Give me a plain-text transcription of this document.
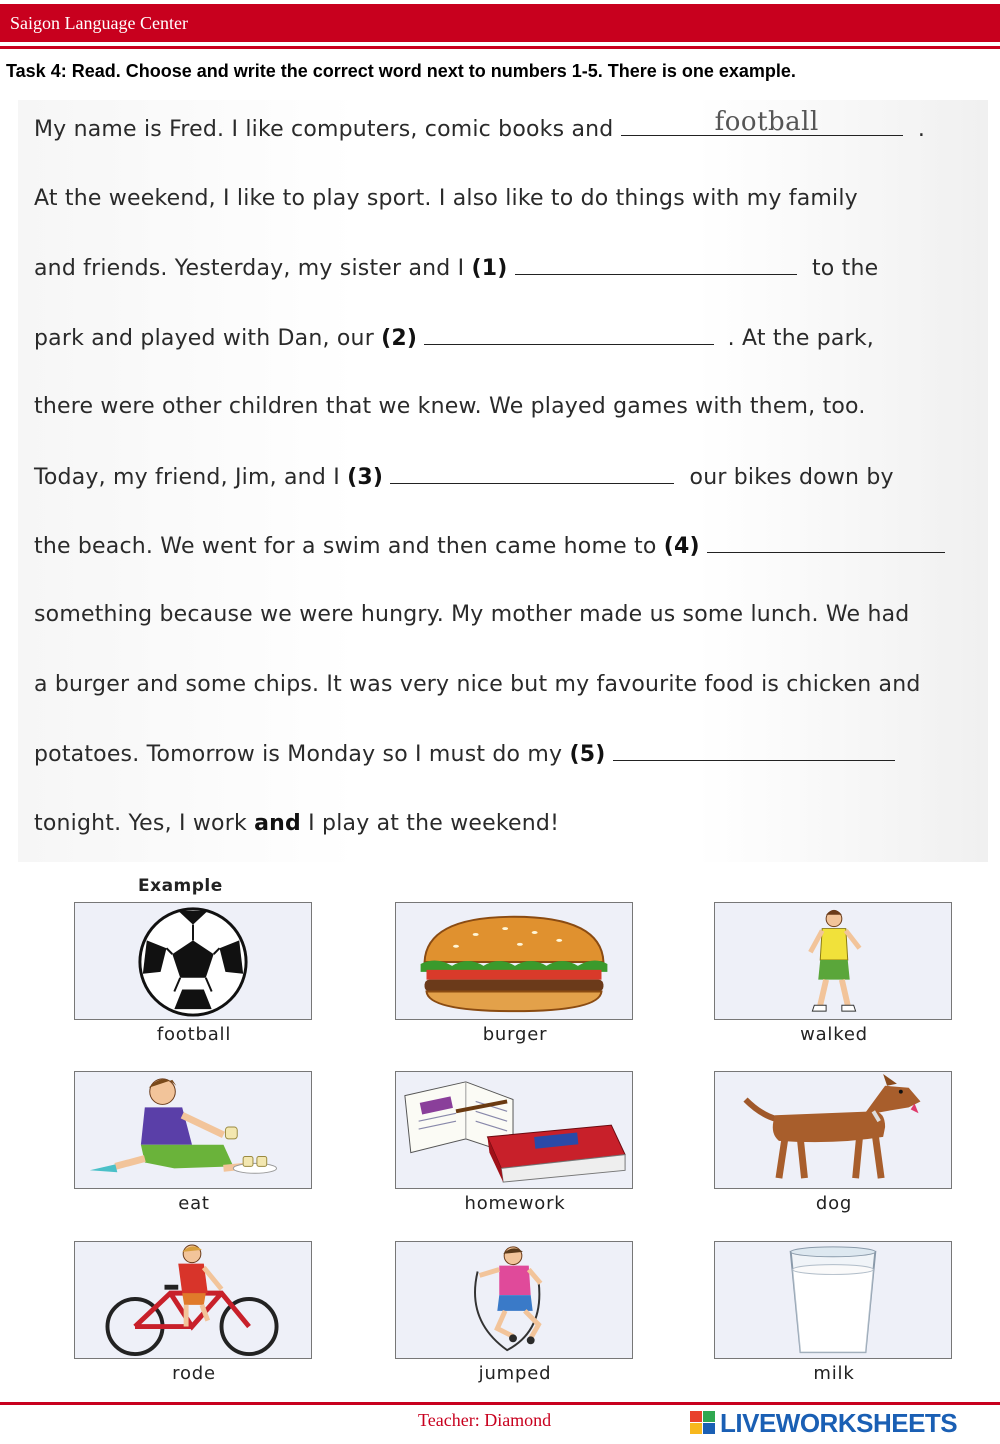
Saigon Language Center
Task 4: Read. Choose and write the correct word next to numbers 1-5. There is one example.
My name is Fred. I like computers, comic books and	football	.
At the weekend, I like to play sport. I also like to do things with my family
and friends. Yesterday, my sister and I (1)	to the
park and played with Dan, our (2)	. At the park,
there were other children that we knew. We played games with them, too.
Today, my friend, Jim, and I (3)	our bikes down by
the beach. We went for a swim and then came home to (4)
something because we were hungry. My mother made us some lunch. We had
a burger and some chips. It was very nice but my favourite food is chicken and
potatoes. Tomorrow is Monday so I must do my (5)
tonight. Yes, I work and I play at the weekend!
Example
football	burger	walked
eat	homework	dog
rode	jumped	milk
Teacher: Diamond	LIVEWORKSHEETS
